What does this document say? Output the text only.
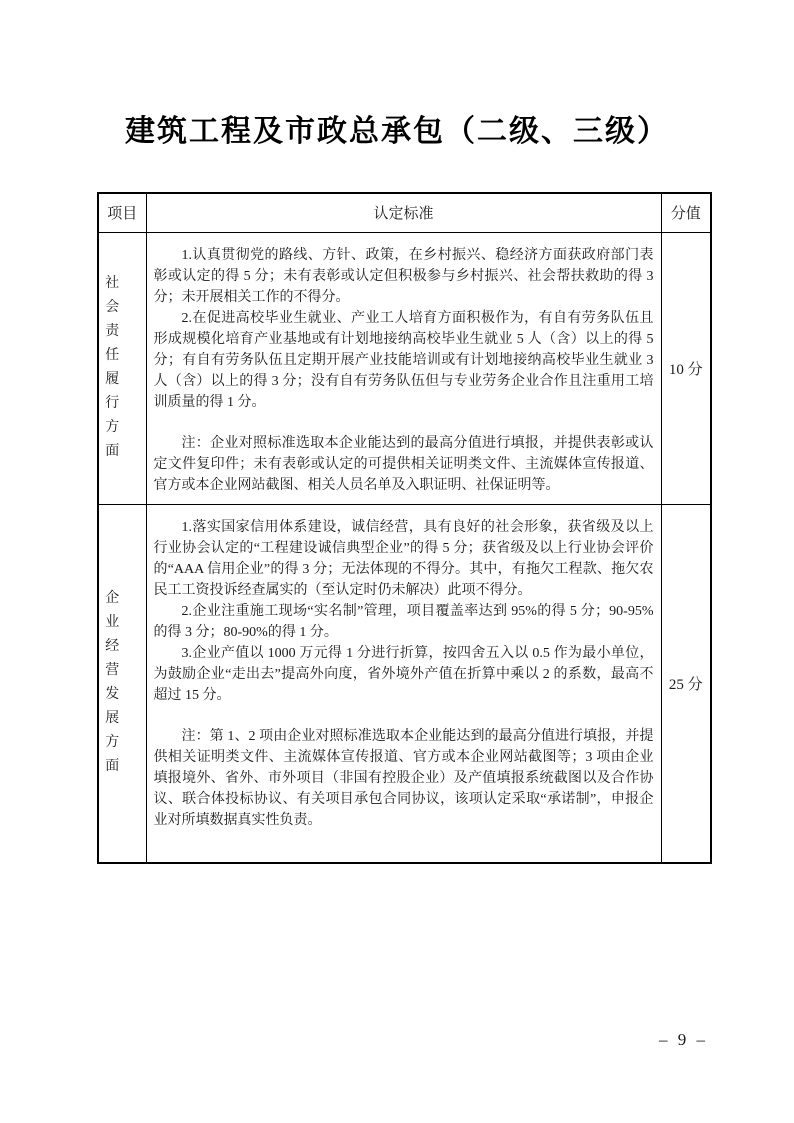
建筑工程及市政总承包（二级、三级）
项目	认定标准	分值
社会责任履行方面	1.认真贯彻党的路线、方针、政策，在乡村振兴、稳经济方面获政府部门表彰或认定的得 5 分；未有表彰或认定但积极参与乡村振兴、社会帮扶救助的得 3 分；未开展相关工作的不得分。

2.在促进高校毕业生就业、产业工人培育方面积极作为，有自有劳务队伍且形成规模化培育产业基地或有计划地接纳高校毕业生就业 5 人（含）以上的得 5 分；有自有劳务队伍且定期开展产业技能培训或有计划地接纳高校毕业生就业 3 人（含）以上的得 3 分；没有自有劳务队伍但与专业劳务企业合作且注重用工培训质量的得 1 分。

注：企业对照标准选取本企业能达到的最高分值进行填报，并提供表彰或认定文件复印件；未有表彰或认定的可提供相关证明类文件、主流媒体宣传报道、官方或本企业网站截图、相关人员名单及入职证明、社保证明等。	10 分
企业经营发展方面	1.落实国家信用体系建设，诚信经营，具有良好的社会形象，获省级及以上行业协会认定的“工程建设诚信典型企业”的得 5 分；获省级及以上行业协会评价的“AAA 信用企业”的得 3 分；无法体现的不得分。其中，有拖欠工程款、拖欠农民工工资投诉经查属实的（至认定时仍未解决）此项不得分。

2.企业注重施工现场“实名制”管理，项目覆盖率达到 95%的得 5 分；90-95%的得 3 分；80-90%的得 1 分。

3.企业产值以 1000 万元得 1 分进行折算，按四舍五入以 0.5 作为最小单位，为鼓励企业“走出去”提高外向度，省外境外产值在折算中乘以 2 的系数，最高不超过 15 分。

注：第 1、2 项由企业对照标准选取本企业能达到的最高分值进行填报，并提供相关证明类文件、主流媒体宣传报道、官方或本企业网站截图等；3 项由企业填报境外、省外、市外项目（非国有控股企业）及产值填报系统截图以及合作协议、联合体投标协议、有关项目承包合同协议，该项认定采取“承诺制”，申报企业对所填数据真实性负责。	25 分
– 9 –
